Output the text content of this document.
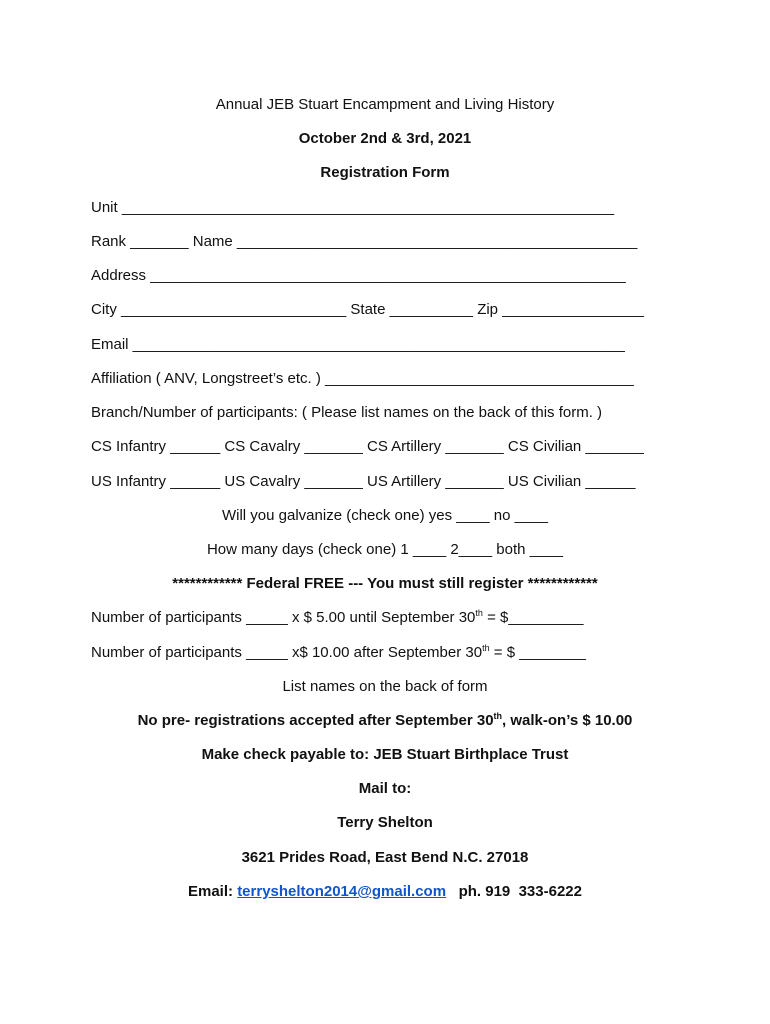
Annual JEB Stuart Encampment and Living History
October 2nd & 3rd, 2021
Registration Form
Unit ___________________________________________________________
Rank _______ Name ________________________________________________
Address _________________________________________________________
City ___________________________ State __________ Zip _________________
Email ___________________________________________________________
Affiliation ( ANV, Longstreet’s etc. ) _____________________________________
Branch/Number of participants: ( Please list names on the back of this form. )
CS Infantry ______ CS Cavalry _______ CS Artillery _______ CS Civilian _______
US Infantry ______ US Cavalry _______ US Artillery _______ US Civilian ______
Will you galvanize (check one) yes ____ no ____
How many days (check one) 1 ____ 2____ both ____
************ Federal FREE --- You must still register ************
Number of participants _____ x $ 5.00 until September 30th = $_________
Number of participants _____ x$ 10.00 after September 30th = $ ________
List names on the back of form
No pre- registrations accepted after September 30th, walk-on’s $ 10.00
Make check payable to: JEB Stuart Birthplace Trust
Mail to:
Terry Shelton
3621 Prides Road, East Bend N.C. 27018
Email: terryshelton2014@gmail.com   ph. 919  333-6222
